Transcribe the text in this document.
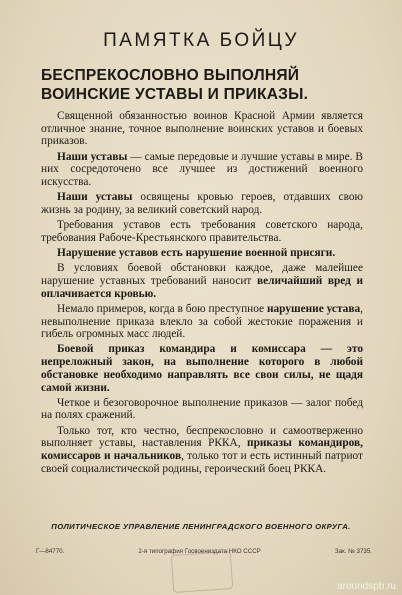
ПАМЯТКА БОЙЦУ
БЕСПРЕКОСЛОВНО ВЫПОЛНЯЙ
ВОИНСКИЕ УСТАВЫ И ПРИКАЗЫ.

Священной обязанностью воинов Красной Армии является отличное знание, точное выполнение воинских уставов и боевых приказов.

Наши уставы — самые передовые и лучшие уставы в мире. В них сосредоточено все лучшее из достижений военного искусства.

Наши уставы освящены кровью героев, отдавших свою жизнь за родину, за великий советский народ.

Требования уставов есть требования советского народа, требования Рабоче-Крестьянского правительства.

Нарушение уставов есть нарушение военной присяги.

В условиях боевой обстановки каждое, даже малейшее нарушение уставных требований наносит величайший вред и оплачивается кровью.

Немало примеров, когда в бою преступное нарушение устава, невыполнение приказа влекло за собой жестокие поражения и гибель огромных масс людей.

Боевой приказ командира и комиссара — это непреложный закон, на выполнение которого в любой обстановке необходимо направлять все свои силы, не щадя самой жизни.

Четкое и безоговорочное выполнение приказов — залог побед на полях сражений.

Только тот, кто честно, беспрекословно и самоотверженно выполняет уставы, наставления РККА, приказы командиров, комиссаров и начальников, только тот и есть истинный патриот своей социалистической родины, героический боец РККА.

ПОЛИТИЧЕСКОЕ УПРАВЛЕНИЕ ЛЕНИНГРАДСКОГО ВОЕННОГО ОКРУГА.
Г—84770.	2-я типография Госвоениздата НКО СССР	Зак. № 3735.
aroundspb.ru
